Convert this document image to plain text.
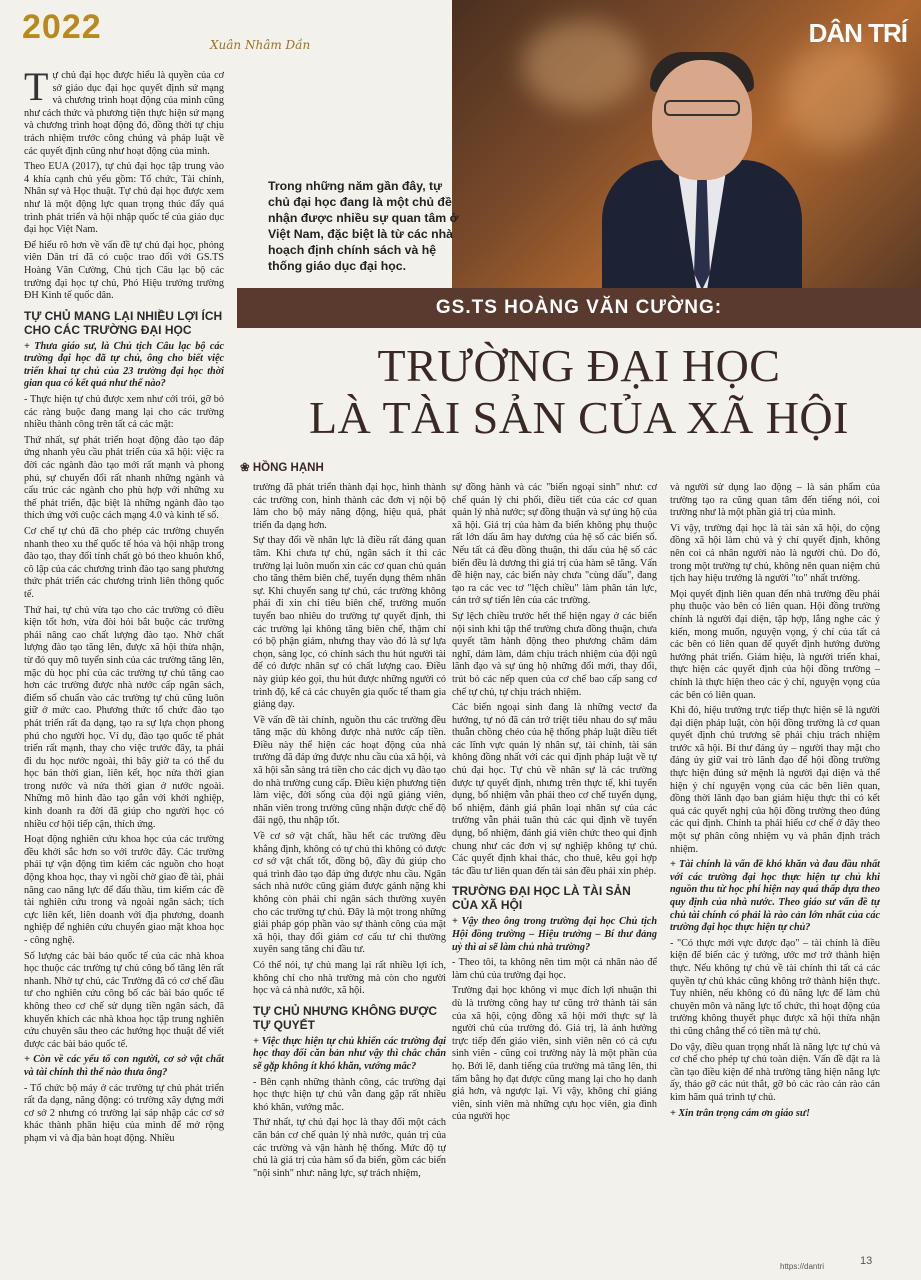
2022	Xuân Nhâm Dần	DÂN TRÍ
Trong những năm gần đây, tự chủ đại học đang là một chủ đề nhận được nhiều sự quan tâm ở Việt Nam, đặc biệt là từ các nhà hoạch định chính sách và hệ thống giáo dục đại học.
GS.TS HOÀNG VĂN CƯỜNG:
TRƯỜNG ĐẠI HỌC
LÀ TÀI SẢN CỦA XÃ HỘI
❀ HỒNG HẠNH

Tự chủ đại học được hiểu là quyền của cơ sở giáo dục đại học quyết định sứ mạng và chương trình hoạt động của mình cũng như cách thức và phương tiện thực hiện sứ mạng và chương trình hoạt động đó, đồng thời tự chịu trách nhiệm trước công chúng và pháp luật về các quyết định cũng như hoạt động của mình.

Theo EUA (2017), tự chủ đại học tập trung vào 4 khía cạnh chủ yếu gồm: Tổ chức, Tài chính, Nhân sự và Học thuật. Tự chủ đại học được xem như là một động lực quan trọng thúc đẩy quá trình phát triển và hội nhập quốc tế của giáo dục đại học Việt Nam.

Để hiểu rõ hơn về vấn đề tự chủ đại học, phóng viên Dân trí đã có cuộc trao đổi với GS.TS Hoàng Văn Cường, Chủ tịch Câu lạc bộ các trường đại học tự chủ, Phó Hiệu trưởng trường ĐH Kinh tế quốc dân.

TỰ CHỦ MANG LẠI NHIỀU LỢI ÍCH CHO CÁC TRƯỜNG ĐẠI HỌC

+ Thưa giáo sư, là Chủ tịch Câu lạc bộ các trường đại học đã tự chủ, ông cho biết việc triển khai tự chủ của 23 trường đại học thời gian qua có kết quả như thế nào?

- Thực hiện tự chủ được xem như cởi trói, gỡ bỏ các ràng buộc đang mang lại cho các trường nhiều thành công trên tất cả các mặt:

Thứ nhất, sự phát triển hoạt động đào tạo đáp ứng nhanh yêu cầu phát triển của xã hội: việc ra đời các ngành đào tạo mới rất mạnh và phong phú, sự chuyển đổi rất nhanh những ngành và cấu trúc các ngành cho phù hợp với những xu thế phát triển, đặc biệt là những ngành đào tạo thích ứng với cuộc cách mạng 4.0 và kinh tế số.

Cơ chế tự chủ đã cho phép các trường chuyển nhanh theo xu thế quốc tế hóa và hội nhập trong đào tạo, thay đổi tính chất gò bó theo khuôn khổ, cô lập của các chương trình đào tạo sang phương thức phát triển các chương trình liên thông quốc tế.

Thứ hai, tự chủ vừa tạo cho các trường có điều kiện tốt hơn, vừa đòi hỏi bắt buộc các trường phải nâng cao chất lượng đào tạo. Nhờ chất lượng đào tạo tăng lên, được xã hội thừa nhận, từ đó quy mô tuyển sinh của các trường tăng lên, mặc dù học phí của các trường tự chủ tăng cao hơn các trường được nhà nước cấp ngân sách, điểm số chuẩn vào các trường tự chủ cũng luôn giữ ở mức cao. Phương thức tổ chức đào tạo phát triển rất đa dạng, tạo ra sự lựa chọn phong phú cho người học. Ví dụ, đào tạo quốc tế phát triển rất mạnh, thay cho việc trước đây, ta phải đi du học nước ngoài, thì bây giờ ta có thể du học bán thời gian, liên kết, học nửa thời gian trong nước và nửa thời gian ở nước ngoài. Những mô hình đào tạo gắn với khởi nghiệp, kinh doanh ra đời đã giúp cho người học có nhiều cơ hội tiếp cận, thích ứng.

Hoạt động nghiên cứu khoa học của các trường đều khởi sắc hơn so với trước đây. Các trường phải tự vận động tìm kiếm các nguồn cho hoạt động khoa học, thay vì ngồi chờ giao đề tài, phải năng cao năng lực để đấu thầu, tìm kiếm các đề tài nghiên cứu trong và ngoài ngân sách; tích cực liên kết, liên doanh với địa phương, doanh nghiệp để nghiên cứu chuyển giao mặt khoa học - công nghệ.

Số lượng các bài báo quốc tế của các nhà khoa học thuộc các trường tự chủ công bố tăng lên rất nhanh. Nhờ tự chủ, các Trường đã có cơ chế đầu tư cho nghiên cứu công bố các bài báo quốc tế không theo cơ chế sử dụng tiền ngân sách, đã khuyến khích các nhà khoa học tập trung nghiên cứu chuyên sâu theo các hướng học thuật để viết được các bài báo quốc tế.

+ Còn về các yếu tố con người, cơ sở vật chất và tài chính thì thế nào thưa ông?

- Tổ chức bộ máy ở các trường tự chủ phát triển rất đa dạng, năng động: có trường xây dựng mới cơ sở 2 nhưng có trường lại sáp nhập các cơ sở khác thành phân hiệu của mình để mở rộng phạm vi và địa bàn hoạt động. Nhiều

trường đã phát triển thành đại học, hình thành các trường con, hình thành các đơn vị nội bộ làm cho bộ máy năng động, hiệu quả, phát triển đa dạng hơn.

Sự thay đổi về nhân lực là điều rất đáng quan tâm. Khi chưa tự chủ, ngân sách ít thì các trường lại luôn muốn xin các cơ quan chủ quản cho tăng thêm biên chế, tuyển dụng thêm nhân sự. Khi chuyển sang tự chủ, các trường không phải đi xin chỉ tiêu biên chế, trường muốn tuyển bao nhiêu do trường tự quyết định, thì các trường lại không tăng biên chế, thậm chí có bộ phận giảm, nhưng thay vào đó là sự lựa chọn, sàng lọc, có chính sách thu hút người tài để có được nhân sự có chất lượng cao. Điều này giúp kéo gọi, thu hút được những người có trình độ, kể cả các chuyên gia quốc tế tham gia giảng dạy.

Về vấn đề tài chính, nguồn thu các trường đều tăng mặc dù không được nhà nước cấp tiền. Điều này thể hiện các hoạt động của nhà trường đã đáp ứng được nhu cầu của xã hội, và xã hội sẵn sàng trả tiền cho các dịch vụ đào tạo do nhà trường cung cấp. Điều kiện phương tiện làm việc, đời sống của đội ngũ giảng viên, nhân viên trong trường cũng nhận được chế độ đãi ngộ, thu nhập tốt.

Về cơ sở vật chất, hầu hết các trường đều khẳng định, không có tự chủ thì không có được cơ sở vật chất tốt, đồng bộ, đầy đủ giúp cho quá trình đào tạo đáp ứng được nhu cầu. Ngân sách nhà nước cũng giảm được gánh nặng khi không còn phải chi ngân sách thường xuyên cho các trường tự chủ. Đây là một trong những giải pháp góp phần vào sự thành công của mặt xã hội, thay đổi giảm cơ cấu tư chi thường xuyên sang tăng chi đầu tư.

Có thể nói, tự chủ mang lại rất nhiều lợi ích, không chỉ cho nhà trường mà còn cho người học và cả nhà nước, xã hội.

TỰ CHỦ NHƯNG KHÔNG ĐƯỢC TỰ QUYẾT

+ Việc thực hiện tự chủ khiến các trường đại học thay đổi căn bản như vậy thì chắc chắn sẽ gặp không ít khó khăn, vướng mắc?

- Bên cạnh những thành công, các trường đại học thực hiện tự chủ vẫn đang gặp rất nhiều khó khăn, vướng mắc.

Thứ nhất, tự chủ đại học là thay đổi một cách căn bản cơ chế quản lý nhà nước, quản trị của các trường và vận hành hệ thống. Mức độ tự chủ là giá trị của hàm số đa biến, gồm các biến "nội sinh" như: năng lực, sự trách nhiệm,

sự đồng hành và các "biến ngoại sinh" như: cơ chế quản lý chi phối, điều tiết của các cơ quan quản lý nhà nước; sự đồng thuận và sự ủng hộ của xã hội. Giá trị của hàm đa biến không phụ thuộc rất lớn dấu âm hay dương của hệ số các biến số. Nếu tất cả đều đồng thuận, thì dấu của hệ số các biến đều là dương thì giá trị của hàm sẽ tăng. Vấn đề hiện nay, các biến này chưa "cùng dấu", đang tạo ra các vec tơ "lệch chiều" làm phân tán lực, cản trở sự tiến lên của các trường.

Sự lệch chiều trước hết thể hiện ngay ở các biến nội sinh khi tập thể trường chưa đồng thuận, chưa quyết tâm hành động theo phương châm dám nghĩ, dám làm, dám chịu trách nhiệm của đội ngũ lãnh đạo và sự ủng hộ những đổi mới, thay đổi, trút bỏ các nếp quen của cơ chế bao cấp sang cơ chế tự chủ, tự chịu trách nhiệm.

Các biến ngoại sinh đang là những vectơ đa hướng, tự nó đã cản trở triệt tiêu nhau do sự mâu thuẫn chồng chéo của hệ thống pháp luật điều tiết các lĩnh vực quản lý nhân sự, tài chính, tài sản không đồng nhất với các qui định pháp luật về tự chủ đại học. Tự chủ về nhân sự là các trường được tự quyết định, nhưng trên thực tế, khi tuyển dụng, bổ nhiệm vẫn phải theo cơ chế tuyển dụng, bổ nhiệm, đánh giá phân loại nhân sự của các trường vẫn phải tuân thủ các qui định về tuyển dụng, bổ nhiệm, đánh giá viên chức theo qui định chung như các đơn vị sự nghiệp không tự chủ. Các quyết định khai thác, cho thuê, kêu gọi hợp tác đầu tư liên quan đến tài sản đều phải xin phép.

TRƯỜNG ĐẠI HỌC LÀ TÀI SẢN CỦA XÃ HỘI

+ Vậy theo ông trong trường đại học Chủ tịch Hội đồng trường – Hiệu trưởng – Bí thư đảng uỷ thì ai sẽ làm chủ nhà trường?

- Theo tôi, ta không nên tìm một cá nhân nào để làm chủ của trường đại học.

Trường đại học không vì mục đích lợi nhuận thì dù là trường công hay tư cũng trở thành tài sản của xã hội, cộng đồng xã hội mới thực sự là người chủ của trường đó. Giá trị, là ảnh hưởng trực tiếp đến giáo viên, sinh viên nên có cả cựu sinh viên - cũng coi trường này là một phần của họ. Bởi lẽ, danh tiếng của trường mà tăng lên, thì tấm bằng họ đạt được cũng mang lại cho họ danh giá hơn, và ngược lại. Vì vậy, không chỉ giảng viên, sinh viên mà những cựu học viên, gia đình của người học

và người sử dụng lao động – là sản phẩm của trường tạo ra cũng quan tâm đến tiếng nói, coi trường như là một phần giá trị của mình.

Vì vậy, trường đại học là tài sản xã hội, do cộng đồng xã hội làm chủ và ý chí quyết định, không nên coi cá nhân người nào là người chủ. Do đó, trong một trường tự chủ, không nên quan niệm chủ tịch hay hiệu trưởng là người "to" nhất trường.

Mọi quyết định liên quan đến nhà trường đều phải phụ thuộc vào bên có liên quan. Hội đồng trường chính là người đại diện, tập hợp, lắng nghe các ý kiến, mong muốn, nguyện vọng, ý chí của tất cả các bên có liên quan để quyết định hướng đường hướng phát triển. Giám hiệu, là người triển khai, thực hiện các quyết định của hội đồng trường – chính là thực hiện theo các ý chí, nguyện vọng của các bên có liên quan.

Khi đó, hiệu trưởng trực tiếp thực hiện sẽ là người đại diện pháp luật, còn hội đồng trường là cơ quan quyết định chủ trương sẽ phải chịu trách nhiệm trước xã hội. Bí thư đảng ủy – người thay mặt cho đảng ủy giữ vai trò lãnh đạo để hội đồng trường thực hiện đúng sứ mệnh là người đại diện và thể hiện ý chí nguyện vọng của các bên liên quan, đồng thời lãnh đạo ban giám hiệu thực thi có kết quả các quyết nghị của hội đồng trường theo đúng các qui định. Chính ta phải hiểu cơ chế ở đây theo một sự phân công nhiệm vụ và phân định trách nhiệm.

+ Tài chính là vấn đề khó khăn và đau đầu nhất với các trường đại học thực hiện tự chủ khi nguồn thu từ học phí hiện nay quá thấp dựa theo quy định của nhà nước. Theo giáo sư vấn đề tự chủ tài chính có phải là rào cản lớn nhất của các trường đại học thực hiện tự chủ?

- "Có thực mới vực được đạo" – tài chính là điều kiện để biến các ý tưởng, ước mơ trở thành hiện thực. Nếu không tự chủ về tài chính thì tất cả các quyền tự chủ khác cũng không trở thành hiện thực. Tuy nhiên, nếu không có đủ năng lực để làm chủ chuyên môn và năng lực tổ chức, thì hoạt động của trường không thuyết phục được xã hội thừa nhận thì cũng chẳng thể có tiền mà tự chủ.

Do vậy, điều quan trọng nhất là năng lực tự chủ và cơ chế cho phép tự chủ toàn diện. Vấn đề đặt ra là cần tạo điều kiện để nhà trường tăng hiện năng lực ấy, tháo gỡ các nút thắt, gỡ bỏ các rào cản rào cản kìm hãm quá trình tự chủ.

+ Xin trân trọng cám ơn giáo sư!

https://dantri	13
